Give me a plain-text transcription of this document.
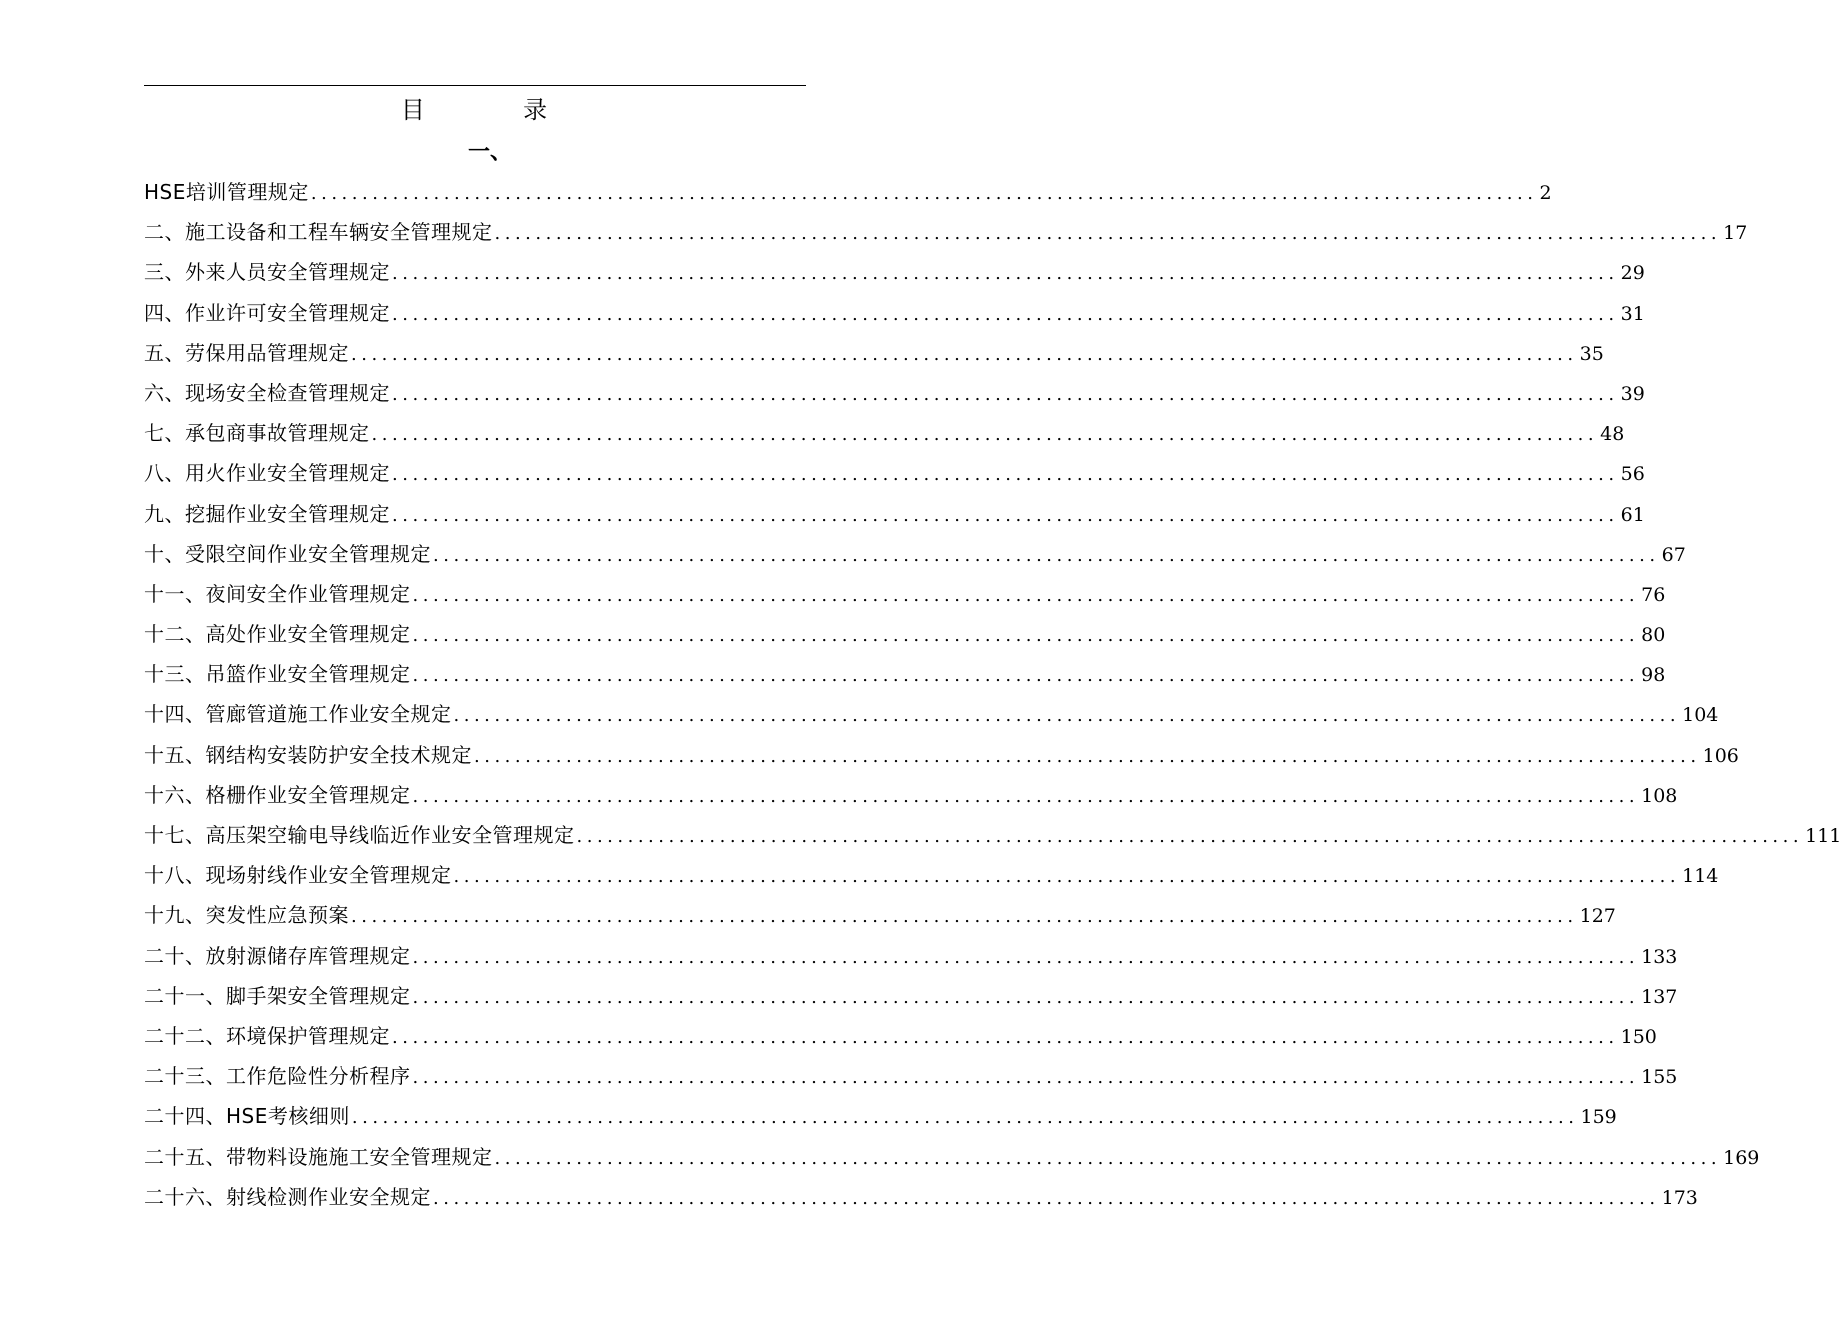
目          录
一、
HSE培训管理规定 ........................................................................................................................ 2
二、施工设备和工程车辆安全管理规定 ........................................................................................................................ 17
三、外来人员安全管理规定 ........................................................................................................................ 29
四、作业许可安全管理规定 ........................................................................................................................ 31
五、劳保用品管理规定 ........................................................................................................................ 35
六、现场安全检查管理规定 ........................................................................................................................ 39
七、承包商事故管理规定 ........................................................................................................................ 48
八、用火作业安全管理规定 ........................................................................................................................ 56
九、挖掘作业安全管理规定 ........................................................................................................................ 61
十、受限空间作业安全管理规定 ........................................................................................................................ 67
十一、夜间安全作业管理规定 ........................................................................................................................ 76
十二、高处作业安全管理规定 ........................................................................................................................ 80
十三、吊篮作业安全管理规定 ........................................................................................................................ 98
十四、管廊管道施工作业安全规定 ........................................................................................................................ 104
十五、钢结构安装防护安全技术规定 ........................................................................................................................ 106
十六、格栅作业安全管理规定 ........................................................................................................................ 108
十七、高压架空输电导线临近作业安全管理规定 ........................................................................................................................ 111
十八、现场射线作业安全管理规定 ........................................................................................................................ 114
十九、突发性应急预案 ........................................................................................................................ 127
二十、放射源储存库管理规定 ........................................................................................................................ 133
二十一、脚手架安全管理规定 ........................................................................................................................ 137
二十二、环境保护管理规定 ........................................................................................................................ 150
二十三、工作危险性分析程序 ........................................................................................................................ 155
二十四、HSE考核细则 ........................................................................................................................ 159
二十五、带物料设施施工安全管理规定 ........................................................................................................................ 169
二十六、射线检测作业安全规定 ........................................................................................................................ 173
